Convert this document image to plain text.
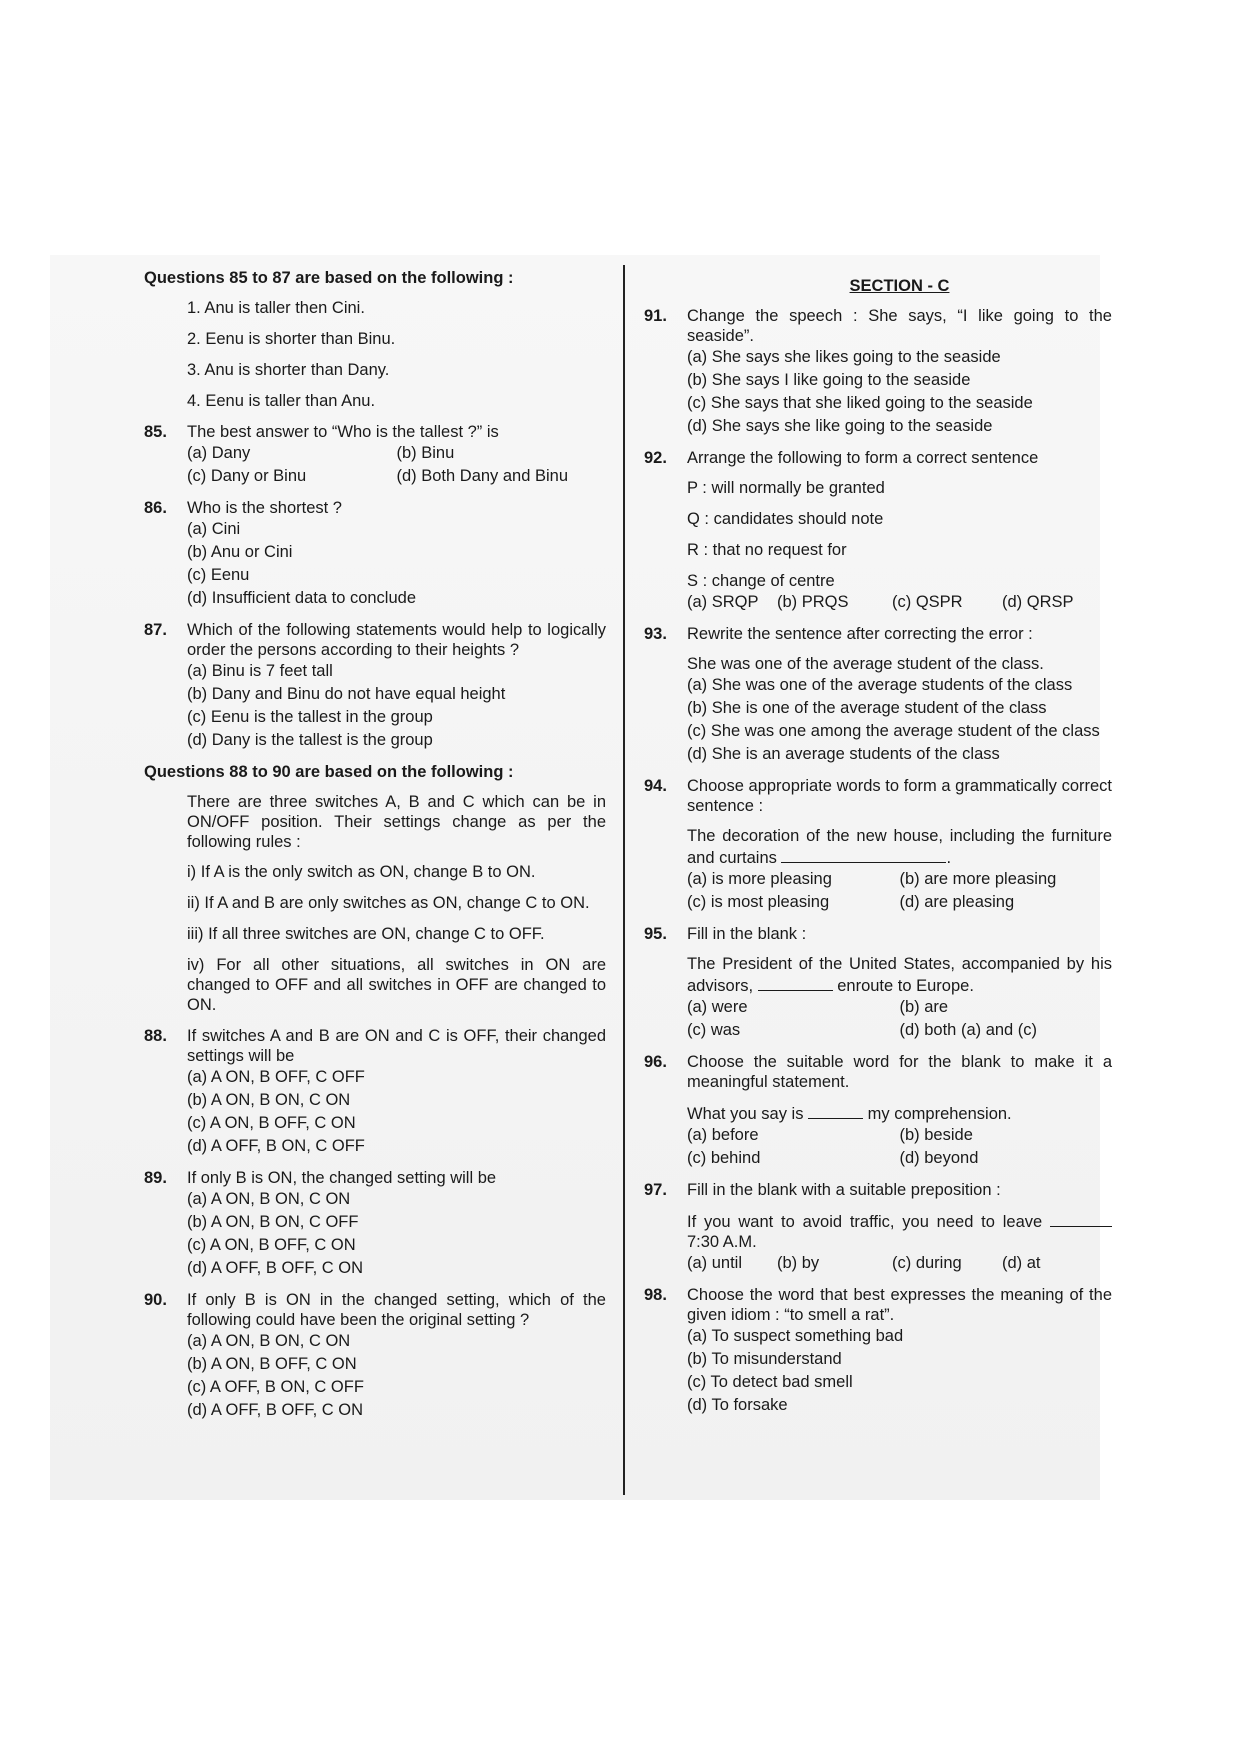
Questions 85 to 87 are based on the following :
1. Anu is taller then Cini.
2. Eenu is shorter than Binu.
3. Anu is shorter than Dany.
4. Eenu is taller than Anu.
85. The best answer to “Who is the tallest ?” is
(a) Dany	(b) Binu
(c) Dany or Binu	(d) Both Dany and Binu
86. Who is the shortest ?
(a) Cini
(b) Anu or Cini
(c) Eenu
(d) Insufficient data to conclude
87. Which of the following statements would help to logically order the persons according to their heights ?
(a) Binu is 7 feet tall
(b) Dany and Binu do not have equal height
(c) Eenu is the tallest in the group
(d) Dany is the tallest is the group
Questions 88 to 90 are based on the following :
There are three switches A, B and C which can be in ON/OFF position. Their settings change as per the following rules :
i) If A is the only switch as ON, change B to ON.
ii) If A and B are only switches as ON, change C to ON.
iii) If all three switches are ON, change C to OFF.
iv) For all other situations, all switches in ON are changed to OFF and all switches in OFF are changed to ON.
88. If switches A and B are ON and C is OFF, their changed settings will be
(a) A ON, B OFF, C OFF
(b) A ON, B ON, C ON
(c) A ON, B OFF, C ON
(d) A OFF, B ON, C OFF
89. If only B is ON, the changed setting will be
(a) A ON, B ON, C ON
(b) A ON, B ON, C OFF
(c) A ON, B OFF, C ON
(d) A OFF, B OFF, C ON
90. If only B is ON in the changed setting, which of the following could have been the original setting ?
(a) A ON, B ON, C ON
(b) A ON, B OFF, C ON
(c) A OFF, B ON, C OFF
(d) A OFF, B OFF, C ON
SECTION - C
91. Change the speech : She says, “I like going to the seaside”.
(a) She says she likes going to the seaside
(b) She says I like going to the seaside
(c) She says that she liked going to the seaside
(d) She says she like going to the seaside
92. Arrange the following to form a correct sentence
P : will normally be granted
Q : candidates should note
R : that no request for
S : change of centre
(a) SRQP	(b) PRQS	(c) QSPR	(d) QRSP
93. Rewrite the sentence after correcting the error :
She was one of the average student of the class.
(a) She was one of the average students of the class
(b) She is one of the average student of the class
(c) She was one among the average student of the class
(d) She is an average students of the class
94. Choose appropriate words to form a grammatically correct sentence :
The decoration of the new house, including the furniture and curtains	.
(a) is more pleasing	(b) are more pleasing
(c) is most pleasing	(d) are pleasing
95. Fill in the blank :
The President of the United States, accompanied by his advisors,	enroute to Europe.
(a) were	(b) are
(c) was	(d) both (a) and (c)
96. Choose the suitable word for the blank to make it a meaningful statement.
What you say is	my comprehension.
(a) before	(b) beside
(c) behind	(d) beyond
97. Fill in the blank with a suitable preposition :
If you want to avoid traffic, you need to leave  7:30 A.M.
(a) until	(b) by	(c) during	(d) at
98. Choose the word that best expresses the meaning of the given idiom : “to smell a rat”.
(a) To suspect something bad
(b) To misunderstand
(c) To detect bad smell
(d) To forsake
